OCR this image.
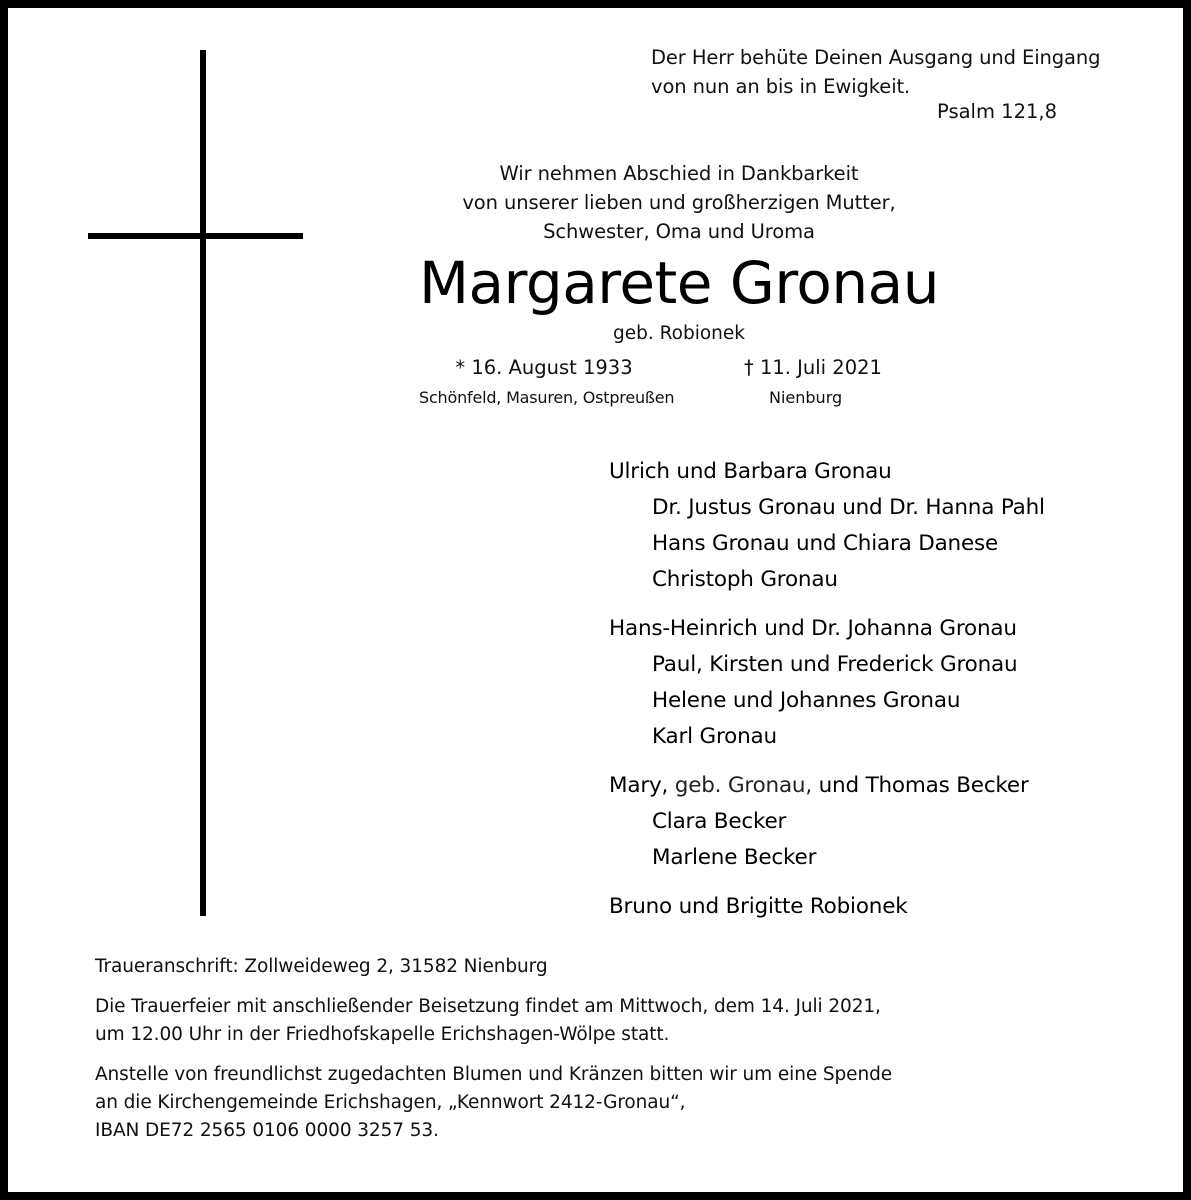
Der Herr behüte Deinen Ausgang und Eingang
von nun an bis in Ewigkeit.
Psalm 121,8
Wir nehmen Abschied in Dankbarkeit
von unserer lieben und großherzigen Mutter,
Schwester, Oma und Uroma
Margarete Gronau
geb. Robionek
* 16. August 1933
Schönfeld, Masuren, Ostpreußen
† 11. Juli 2021
Nienburg
Ulrich und Barbara Gronau
Dr. Justus Gronau und Dr. Hanna Pahl
Hans Gronau und Chiara Danese
Christoph Gronau
Hans-Heinrich und Dr. Johanna Gronau
Paul, Kirsten und Frederick Gronau
Helene und Johannes Gronau
Karl Gronau
Mary, geb. Gronau, und Thomas Becker
Clara Becker
Marlene Becker
Bruno und Brigitte Robionek

Traueranschrift: Zollweideweg 2, 31582 Nienburg

Die Trauerfeier mit anschließender Beisetzung findet am Mittwoch, dem 14. Juli 2021,
um 12.00 Uhr in der Friedhofskapelle Erichshagen-Wölpe statt.

Anstelle von freundlichst zugedachten Blumen und Kränzen bitten wir um eine Spende
an die Kirchengemeinde Erichshagen, „Kennwort 2412-Gronau“,
IBAN DE72 2565 0106 0000 3257 53.
